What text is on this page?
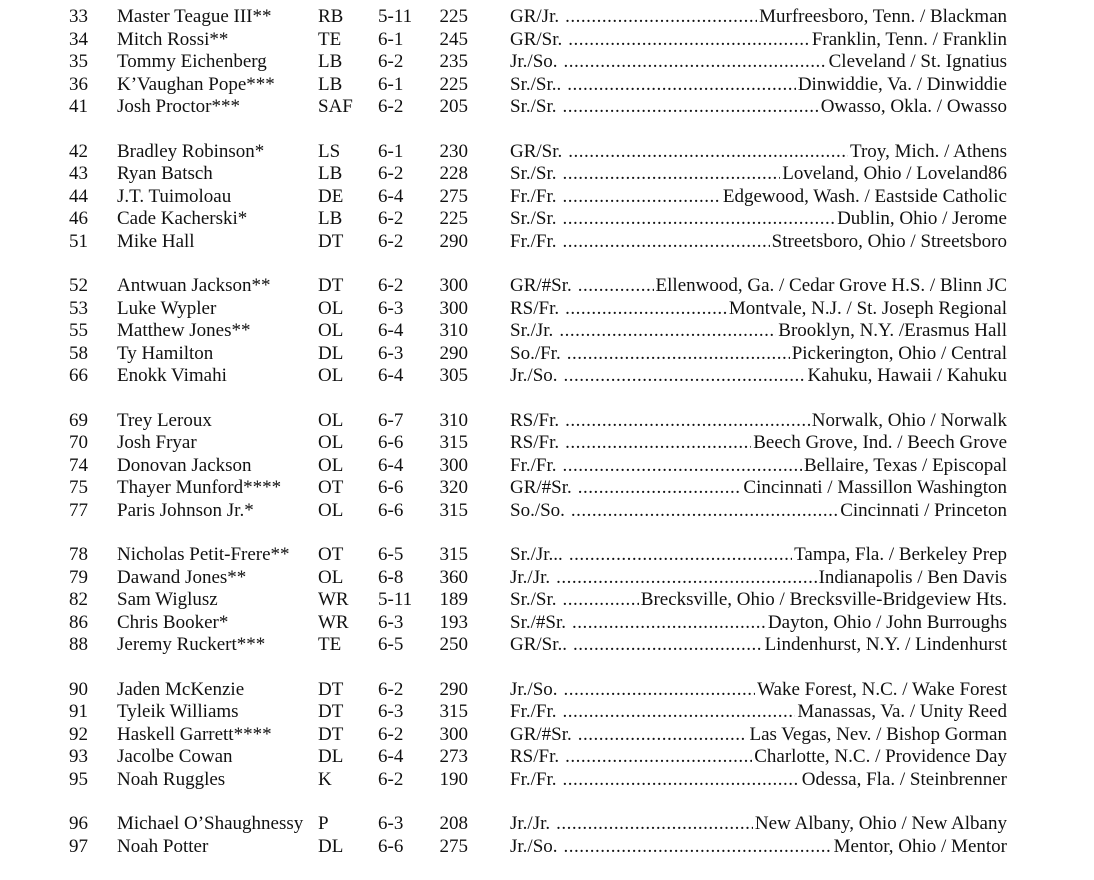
33 Master Teague III** RB 5-11 225 GR/Jr. .....	Murfreesboro, Tenn. / Blackman
34 Mitch Rossi**	TE 6-1 245 GR/Sr. .....	Franklin, Tenn. / Franklin
35 Tommy Eichenberg	LB 6-2 235 Jr./So. .....	Cleveland / St. Ignatius
36 K’Vaughan Pope*** LB 6-1 225 Sr./Sr.. .....	Dinwiddie, Va. / Dinwiddie
41 Josh Proctor***	SAF 6-2 205 Sr./Sr. .....	Owasso, Okla. / Owasso
42 Bradley Robinson*	LS 6-1 230 GR/Sr. .....	Troy, Mich. / Athens
43 Ryan Batsch	LB 6-2 228 Sr./Sr. .....	Loveland, Ohio / Loveland86
44 J.T. Tuimoloau	DE 6-4 275 Fr./Fr. .....	Edgewood, Wash. / Eastside Catholic
46 Cade Kacherski*	LB 6-2 225 Sr./Sr. .....	Dublin, Ohio / Jerome
51 Mike Hall	DT 6-2 290 Fr./Fr. .....	Streetsboro, Ohio / Streetsboro
52 Antwuan Jackson** DT 6-2 300 GR/#Sr. .....	Ellenwood, Ga. / Cedar Grove H.S. / Blinn JC
53 Luke Wypler	OL 6-3 300 RS/Fr. .....	Montvale, N.J. / St. Joseph Regional
55 Matthew Jones**	OL 6-4 310 Sr./Jr. .....	Brooklyn, N.Y. /Erasmus Hall
58 Ty Hamilton	DL 6-3 290 So./Fr. .....	Pickerington, Ohio / Central
66 Enokk Vimahi	OL 6-4 305 Jr./So. .....	Kahuku, Hawaii / Kahuku
69 Trey Leroux	OL 6-7 310 RS/Fr. .....	Norwalk, Ohio / Norwalk
70 Josh Fryar	OL 6-6 315 RS/Fr. .....	Beech Grove, Ind. / Beech Grove
74 Donovan Jackson	OL 6-4 300 Fr./Fr. .....	Bellaire, Texas / Episcopal
75 Thayer Munford**** OT 6-6 320 GR/#Sr. .....	Cincinnati / Massillon Washington
77 Paris Johnson Jr.*	OL 6-6 315 So./So. .....	Cincinnati / Princeton
78 Nicholas Petit-Frere** OT 6-5 315 Sr./Jr... .....	Tampa, Fla. / Berkeley Prep
79 Dawand Jones**	OL 6-8 360 Jr./Jr. .....	Indianapolis / Ben Davis
82 Sam Wiglusz	WR 5-11 189 Sr./Sr. .....	Brecksville, Ohio / Brecksville-Bridgeview Hts.
86 Chris Booker*	WR 6-3 193 Sr./#Sr. .....	Dayton, Ohio / John Burroughs
88 Jeremy Ruckert***	TE 6-5 250 GR/Sr.. .....	Lindenhurst, N.Y. / Lindenhurst
90 Jaden McKenzie	DT 6-2 290 Jr./So. .....	Wake Forest, N.C. / Wake Forest
91 Tyleik Williams	DT 6-3 315 Fr./Fr. .....	Manassas, Va. / Unity Reed
92 Haskell Garrett**** DT 6-2 300 GR/#Sr. .....	Las Vegas, Nev. / Bishop Gorman
93 Jacolbe Cowan	DL 6-4 273 RS/Fr. .....	Charlotte, N.C. / Providence Day
95 Noah Ruggles	K 6-2 190 Fr./Fr. .....	Odessa, Fla. / Steinbrenner
96 Michael O’Shaughnessy P	6-3 208 Jr./Jr. .....	New Albany, Ohio / New Albany
97 Noah Potter	DL 6-6 275 Jr./So. .....	Mentor, Ohio / Mentor
